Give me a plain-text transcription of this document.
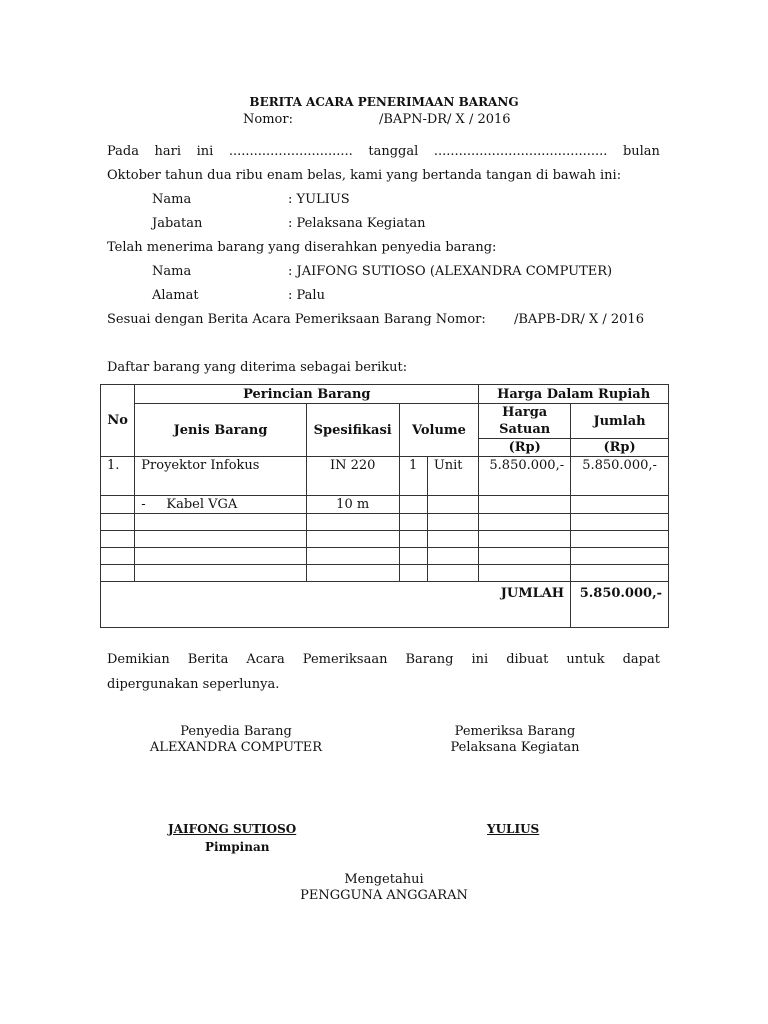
BERITA ACARA PENERIMAAN BARANG
Nomor:	/BAPN-DR/ X / 2016
Pada hari ini .............................. tanggal .......................................... bulan
Oktober tahun dua ribu enam belas, kami yang bertanda tangan di bawah ini:
Nama	: YULIUS
Jabatan	: Pelaksana Kegiatan
Telah menerima barang yang diserahkan penyedia barang:
Nama	: JAIFONG SUTIOSO (ALEXANDRA COMPUTER)
Alamat	: Palu
Sesuai dengan Berita Acara Pemeriksaan Barang Nomor: /BAPB-DR/ X / 2016
Daftar barang yang diterima sebagai berikut:
No	Perincian Barang				Harga Dalam Rupiah	
	Jenis Barang	Spesifikasi	Volume		Harga Satuan	Jumlah
					(Rp)	(Rp)
1.	Proyektor Infokus	IN 220	1	Unit	5.850.000,-	5.850.000,-
	-     Kabel VGA	10 m				

JUMLAH						5.850.000,-
Demikian Berita Acara Pemeriksaan Barang ini dibuat untuk dapat
dipergunakan seperlunya.
Penyedia Barang
ALEXANDRA COMPUTER
Pemeriksa Barang
Pelaksana Kegiatan
JAIFONG SUTIOSO
Pimpinan
YULIUS
Mengetahui
PENGGUNA ANGGARAN
